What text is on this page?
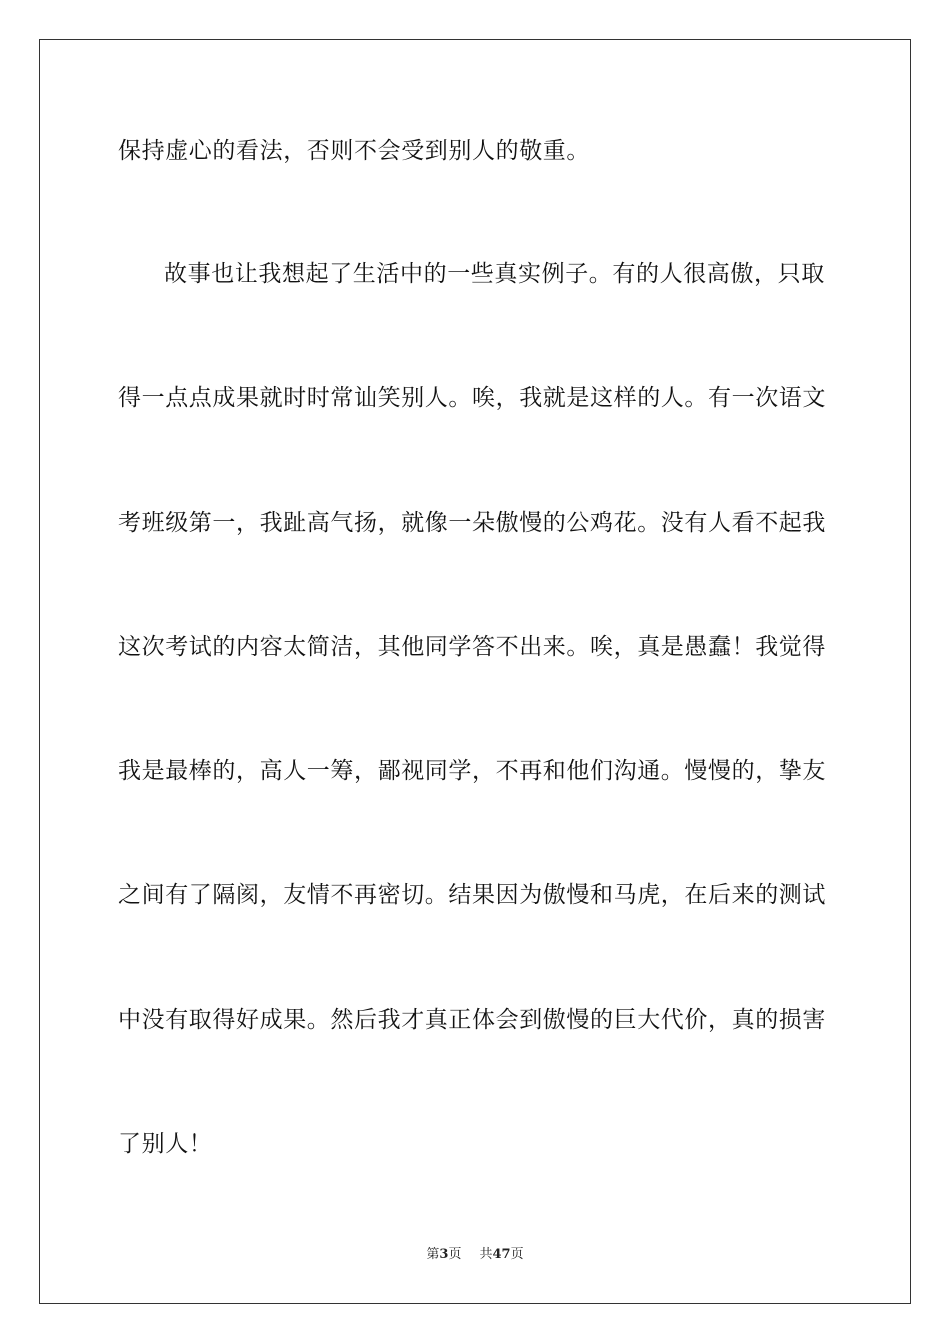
保持虚心的看法，否则不会受到别人的敬重。
故事也让我想起了生活中的一些真实例子。有的人很高傲，只取
得一点点成果就时时常讪笑别人。唉，我就是这样的人。有一次语文
考班级第一，我趾高气扬，就像一朵傲慢的公鸡花。没有人看不起我
这次考试的内容太简洁，其他同学答不出来。唉，真是愚蠢！我觉得
我是最棒的，高人一筹，鄙视同学，不再和他们沟通。慢慢的，挚友
之间有了隔阂，友情不再密切。结果因为傲慢和马虎，在后来的测试
中没有取得好成果。然后我才真正体会到傲慢的巨大代价，真的损害
了别人！
第3页 共47页
